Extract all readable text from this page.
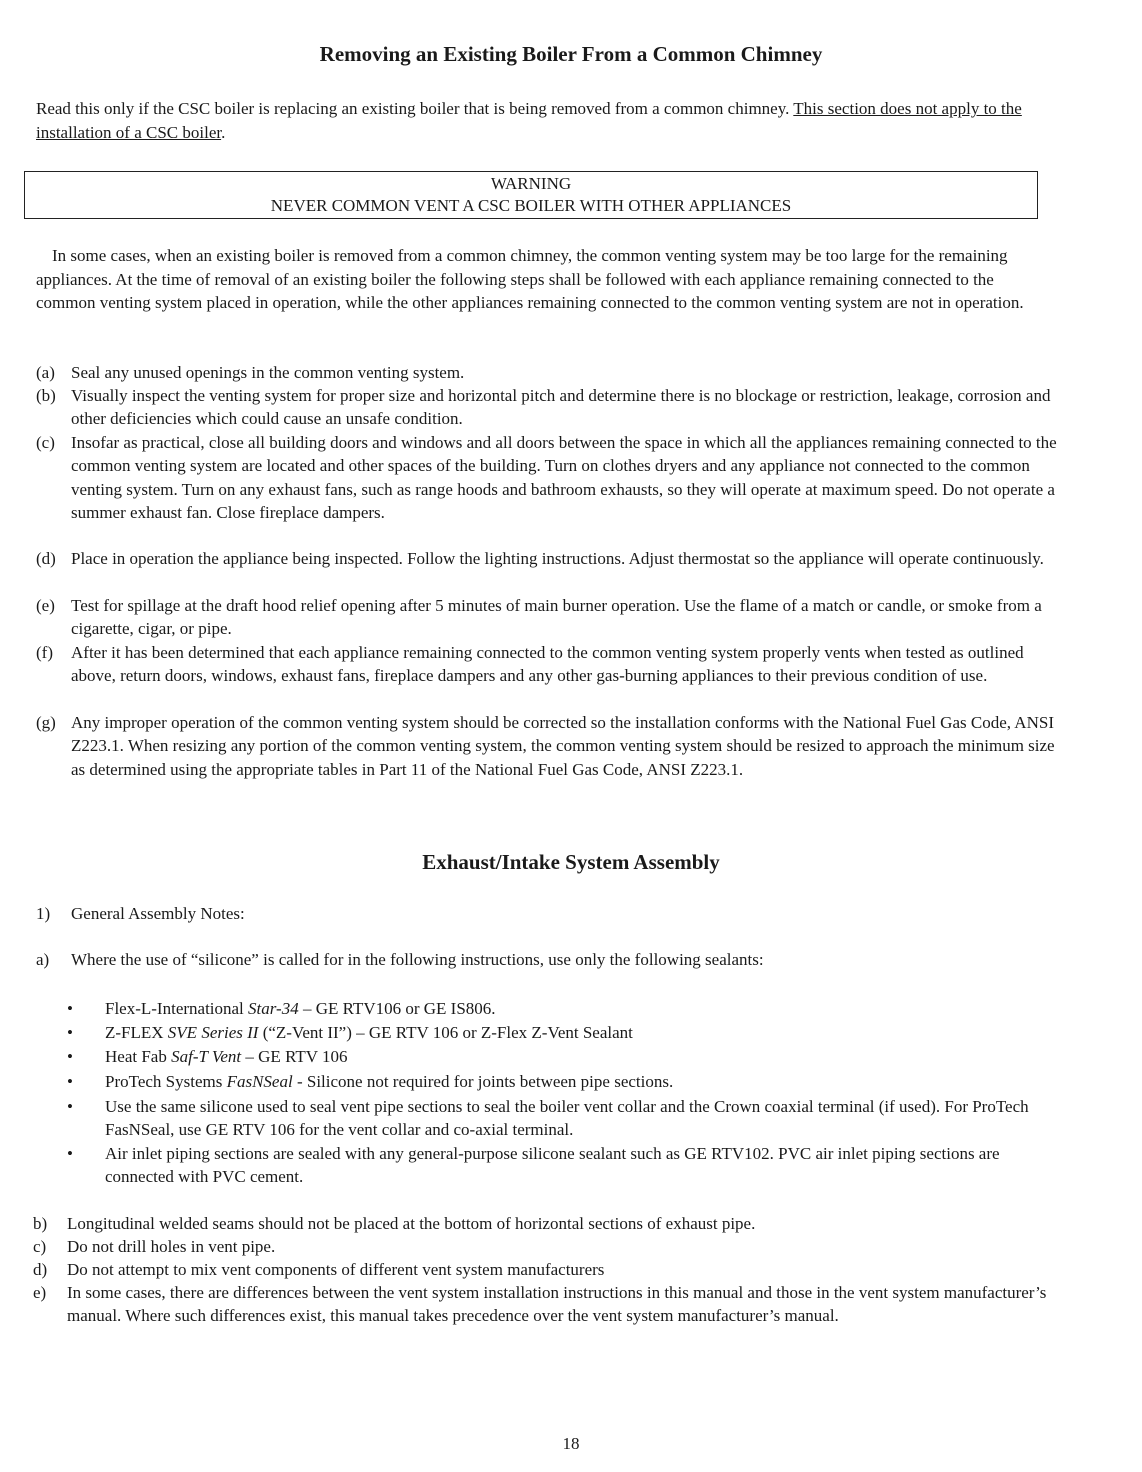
Removing an Existing Boiler From a Common Chimney
Read this only if the CSC boiler is replacing an existing boiler that is being removed from a common chimney. This section does not apply to the installation of a CSC boiler.
WARNING
NEVER COMMON VENT A CSC BOILER WITH OTHER APPLIANCES
In some cases, when an existing boiler is removed from a common chimney, the common venting system may be too large for the remaining appliances. At the time of removal of an existing boiler the following steps shall be followed with each appliance remaining connected to the common venting system placed in operation, while the other appliances remaining connected to the common venting system are not in operation.
(a) Seal any unused openings in the common venting system.
(b) Visually inspect the venting system for proper size and horizontal pitch and determine there is no blockage or restriction, leakage, corrosion and other deficiencies which could cause an unsafe condition.
(c) Insofar as practical, close all building doors and windows and all doors between the space in which all the appliances remaining connected to the common venting system are located and other spaces of the building. Turn on clothes dryers and any appliance not connected to the common venting system. Turn on any exhaust fans, such as range hoods and bathroom exhausts, so they will operate at maximum speed. Do not operate a summer exhaust fan. Close fireplace dampers.
(d) Place in operation the appliance being inspected. Follow the lighting instructions. Adjust thermostat so the appliance will operate continuously.
(e) Test for spillage at the draft hood relief opening after 5 minutes of main burner operation. Use the flame of a match or candle, or smoke from a cigarette, cigar, or pipe.
(f) After it has been determined that each appliance remaining connected to the common venting system properly vents when tested as outlined above, return doors, windows, exhaust fans, fireplace dampers and any other gas-burning appliances to their previous condition of use.
(g) Any improper operation of the common venting system should be corrected so the installation conforms with the National Fuel Gas Code, ANSI Z223.1. When resizing any portion of the common venting system, the common venting system should be resized to approach the minimum size as determined using the appropriate tables in Part 11 of the National Fuel Gas Code, ANSI Z223.1.
Exhaust/Intake System Assembly
1) General Assembly Notes:
a) Where the use of “silicone” is called for in the following instructions, use only the following sealants:
• Flex-L-International Star-34 – GE RTV106 or GE IS806.
• Z-FLEX SVE Series II (“Z-Vent II”) – GE RTV 106 or Z-Flex Z-Vent Sealant
• Heat Fab Saf-T Vent – GE RTV 106
• ProTech Systems FasNSeal - Silicone not required for joints between pipe sections.
• Use the same silicone used to seal vent pipe sections to seal the boiler vent collar and the Crown coaxial terminal (if used). For ProTech FasNSeal, use GE RTV 106 for the vent collar and co-axial terminal.
• Air inlet piping sections are sealed with any general-purpose silicone sealant such as GE RTV102. PVC air inlet piping sections are connected with PVC cement.
b) Longitudinal welded seams should not be placed at the bottom of horizontal sections of exhaust pipe.
c) Do not drill holes in vent pipe.
d) Do not attempt to mix vent components of different vent system manufacturers
e) In some cases, there are differences between the vent system installation instructions in this manual and those in the vent system manufacturer’s manual. Where such differences exist, this manual takes precedence over the vent system manufacturer’s manual.
18
